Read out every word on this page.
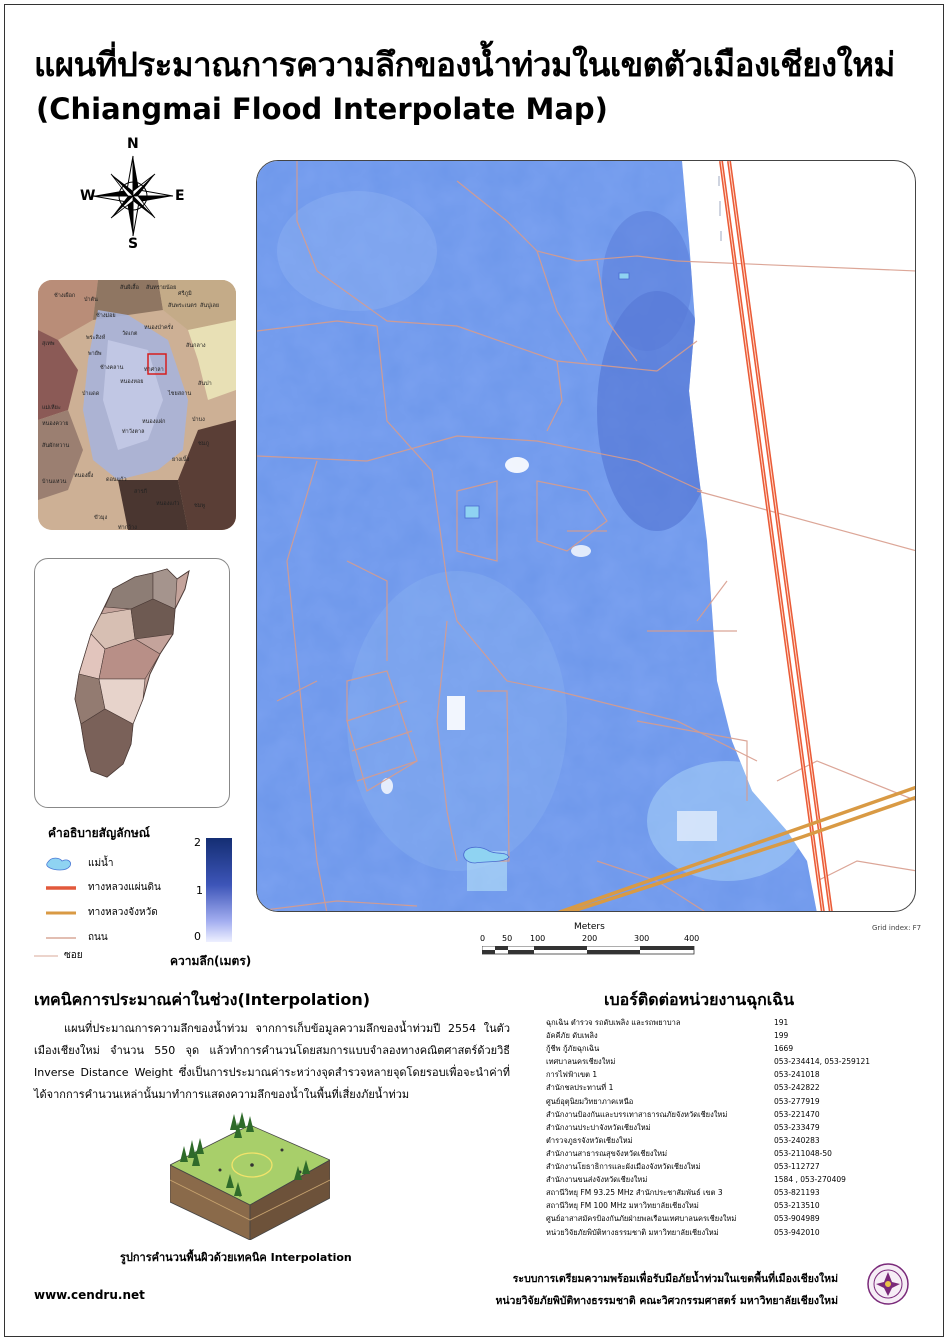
แผนที่ประมาณการความลึกของน้ำท่วมในเขตตัวเมืองเชียงใหม่
(Chiangmai Flood Interpolate Map)
N
S
E
W
ช้างเผือก
ป่าตัน
สันผีเสื้อ สันทรายน้อย
ศรีภูมิ
ช้างม่อย
สันพระเนตร สันปูเลย
สุเทพ
พระสิงห์
วัดเกต
หนองป่าครั่ง
พายัพ
ช้างคลาน	ท่าศาลา
สันกลาง
หนองหอย
ไชยสถาน
สันปา
แม่เหียะ
ป่าแดด
ท่าวังตาล
ป่าบง
หนองควาย	หนองแฝก
สันผักหวาน
ยางเนิ้ง
บ้านแหวน
ชมภู
หนองผึ้ง
ดอนแก้ว
สารภี
ขัวมุง
หนองแก๋ว
ท่ากว้าง
ชมพู
คำอธิบายสัญลักษณ์
แม่น้ำ
ทางหลวงแผ่นดิน
ทางหลวงจังหวัด
ถนน
ซอย
2
1
0
ความลึก(เมตร)
Meters
0 50 100	200	300	400
Grid index: F7
เทคนิคการประมาณค่าในช่วง(Interpolation)

แผนที่ประมาณการความลึกของน้ำท่วม จากการเก็บข้อมูลความลึกของน้ำท่วมปี 2554 ในตัวเมืองเชียงใหม่ จำนวน 550 จุด แล้วทำการคำนวนโดยสมการแบบจำลองทางคณิตศาสตร์ด้วยวิธี Inverse Distance Weight ซึ่งเป็นการประมาณค่าระหว่างจุดสำรวจหลายจุดโดยรอบเพื่อจะนำค่าที่ได้จากการคำนวนเหล่านั้นมาทำการแสดงความลึกของน้ำในพื้นที่เสี่ยงภัยน้ำท่วม

รูปการคำนวนพื้นผิวด้วยเทคนิค Interpolation
www.cendru.net
เบอร์ติดต่อหน่วยงานฉุกเฉิน
ฉุกเฉิน ตำรวจ รถดับเพลิง และรถพยาบาล	191
อัคคีภัย ดับเพลิง	199
กู้ชีพ กู้ภัยฉุกเฉิน	1669
เทศบาลนครเชียงใหม่	053-234414, 053-259121
การไฟฟ้าเขต 1	053-241018
สำนักชลประทานที่ 1	053-242822
ศูนย์อุตุนิยมวิทยาภาคเหนือ	053-277919
สำนักงานป้องกันและบรรเทาสาธารณภัยจังหวัดเชียงใหม่	053-221470
สำนักงานประปาจังหวัดเชียงใหม่	053-233479
ตำรวจภูธรจังหวัดเชียงใหม่	053-240283
สำนักงานสาธารณสุขจังหวัดเชียงใหม่	053-211048-50
สำนักงานโยธาธิการและผังเมืองจังหวัดเชียงใหม่	053-112727
สำนักงานขนส่งจังหวัดเชียงใหม่	1584 , 053-270409
สถานีวิทยุ FM 93.25 MHz สำนักประชาสัมพันธ์ เขต 3	053-821193
สถานีวิทยุ FM 100 MHz มหาวิทยาลัยเชียงใหม่	053-213510
ศูนย์อาสาสมัครป้องกันภัยฝ่ายพลเรือนเทศบาลนครเชียงใหม่	053-904989
หน่วยวิจัยภัยพิบัติทางธรรมชาติ มหาวิทยาลัยเชียงใหม่	053-942010
ระบบการเตรียมความพร้อมเพื่อรับมือภัยน้ำท่วมในเขตพื้นที่เมืองเชียงใหม่
หน่วยวิจัยภัยพิบัติทางธรรมชาติ คณะวิศวกรรมศาสตร์ มหาวิทยาลัยเชียงใหม่
